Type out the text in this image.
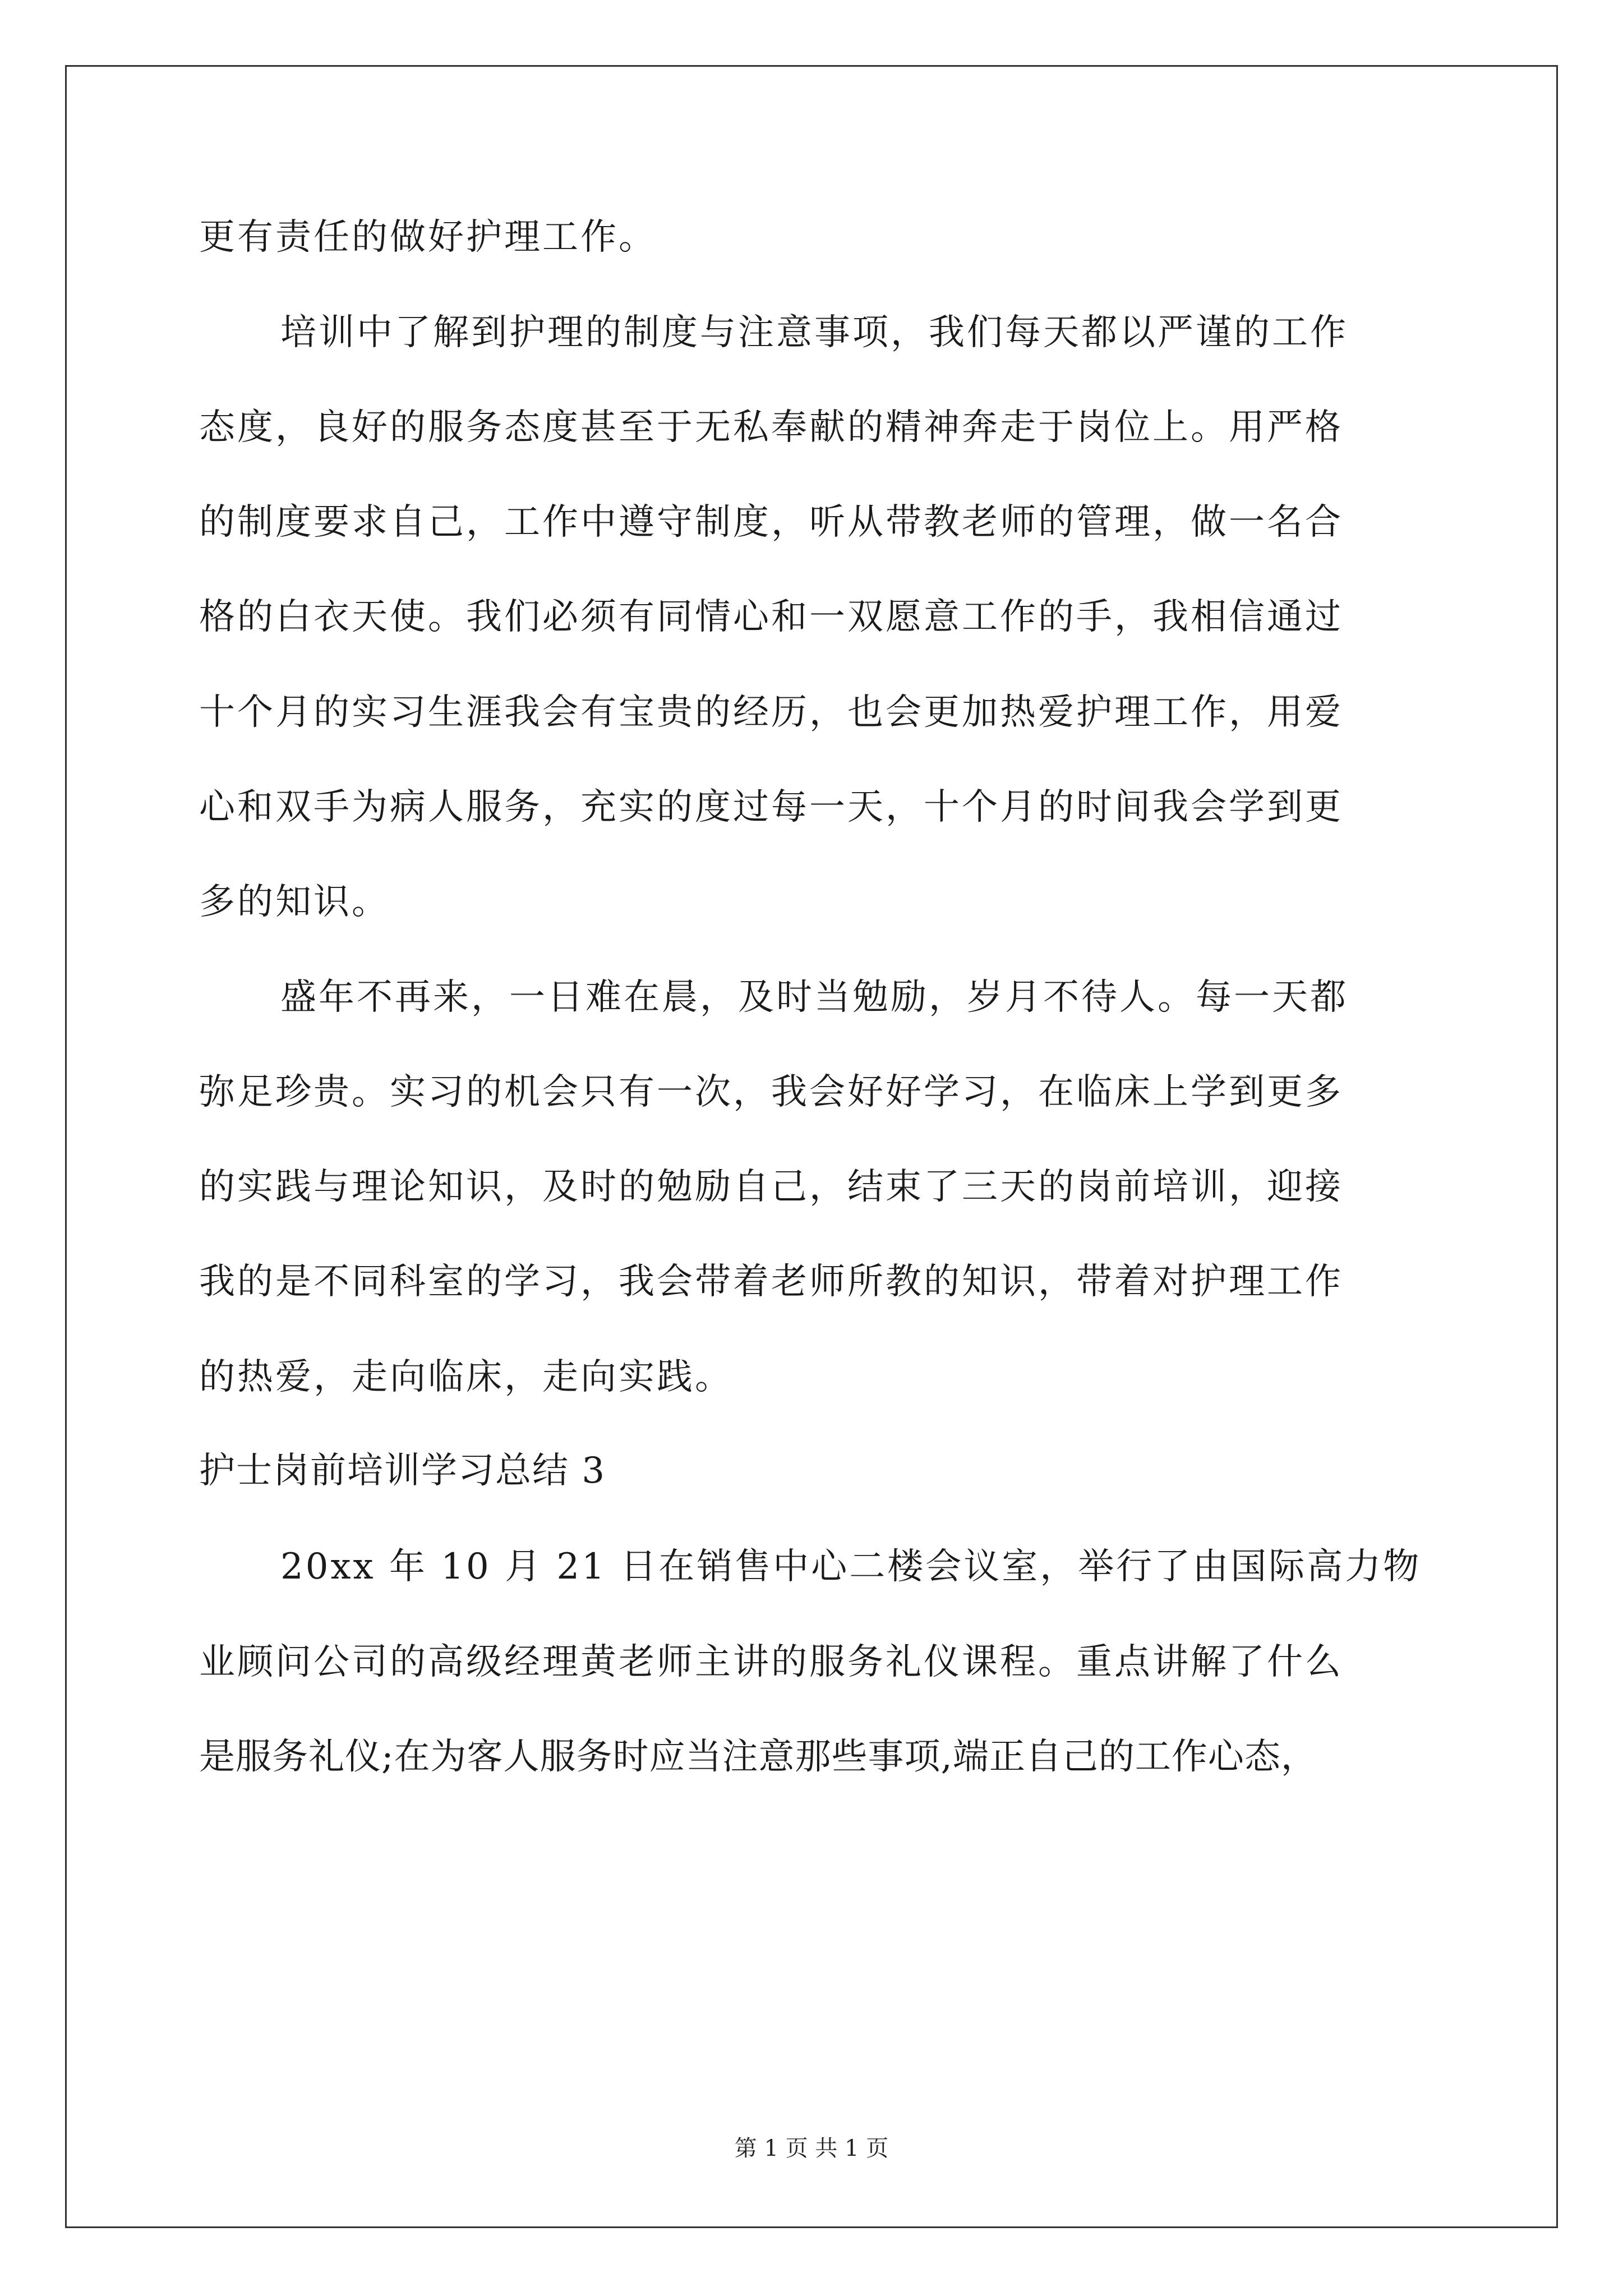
更有责任的做好护理工作。
培训中了解到护理的制度与注意事项，我们每天都以严谨的工作
态度，良好的服务态度甚至于无私奉献的精神奔走于岗位上。用严格
的制度要求自己，工作中遵守制度，听从带教老师的管理，做一名合
格的白衣天使。我们必须有同情心和一双愿意工作的手，我相信通过
十个月的实习生涯我会有宝贵的经历，也会更加热爱护理工作，用爱
心和双手为病人服务，充实的度过每一天，十个月的时间我会学到更
多的知识。
盛年不再来，一日难在晨，及时当勉励，岁月不待人。每一天都
弥足珍贵。实习的机会只有一次，我会好好学习，在临床上学到更多
的实践与理论知识，及时的勉励自己，结束了三天的岗前培训，迎接
我的是不同科室的学习，我会带着老师所教的知识，带着对护理工作
的热爱，走向临床，走向实践。
护士岗前培训学习总结 3
20xx 年 10 月 21 日在销售中心二楼会议室，举行了由国际高力物
业顾问公司的高级经理黄老师主讲的服务礼仪课程。重点讲解了什么
是服务礼仪;在为客人服务时应当注意那些事项,端正自己的工作心态，
第 1 页 共 1 页
